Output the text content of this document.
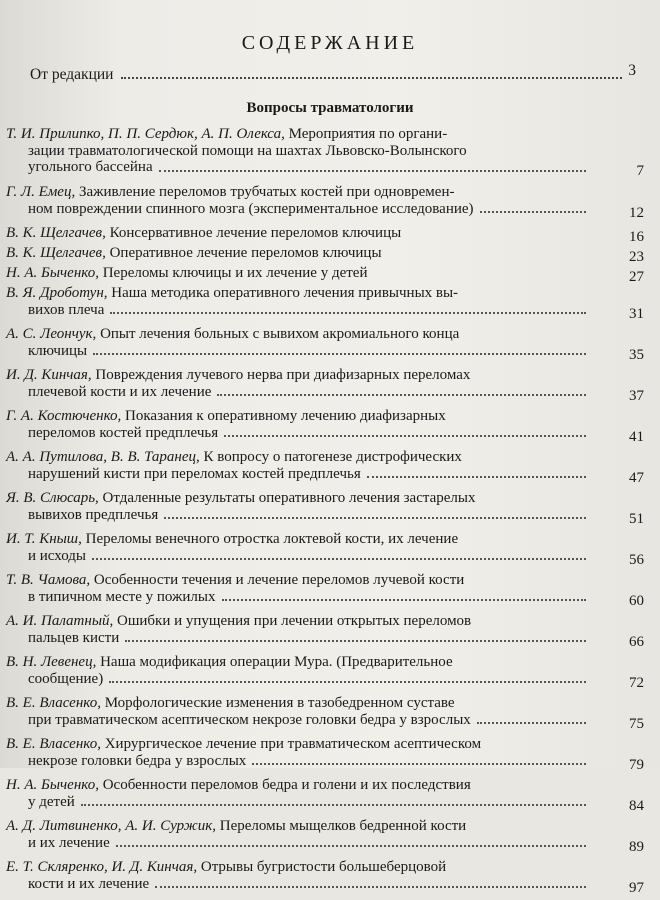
СОДЕРЖАНИЕ
От редакции	3
Вопросы травматологии
Т. И. Прилипко, П. П. Сердюк, А. П. Олекса, Мероприятия по органи-
зации травматологической помощи на шахтах Львовско-Волынского
угольного бассейна	7
Г. Л. Емец, Заживление переломов трубчатых костей при одновремен-
ном повреждении спинного мозга (экспериментальное исследование)	12
В. К. Щелгачев, Консервативное лечение переломов ключицы	16
В. К. Щелгачев, Оперативное лечение переломов ключицы	23
Н. А. Быченко, Переломы ключицы и их лечение у детей	27
В. Я. Дроботун, Наша методика оперативного лечения привычных вы-
вихов плеча	31
А. С. Леончук, Опыт лечения больных с вывихом акромиального конца
ключицы	35
И. Д. Кинчая, Повреждения лучевого нерва при диафизарных переломах
плечевой кости и их лечение	37
Г. А. Костюченко, Показания к оперативному лечению диафизарных
переломов костей предплечья	41
А. А. Путилова, В. В. Таранец, К вопросу о патогенезе дистрофических
нарушений кисти при переломах костей предплечья	47
Я. В. Слюсарь, Отдаленные результаты оперативного лечения застарелых
вывихов предплечья	51
И. Т. Кныш, Переломы венечного отростка локтевой кости, их лечение
и исходы	56
Т. В. Чамова, Особенности течения и лечение переломов лучевой кости
в типичном месте у пожилых	60
А. И. Палатный, Ошибки и упущения при лечении открытых переломов
пальцев кисти	66
В. Н. Левенец, Наша модификация операции Мура. (Предварительное
сообщение)	72
В. Е. Власенко, Морфологические изменения в тазобедренном суставе
при травматическом асептическом некрозе головки бедра у взрослых	75
В. Е. Власенко, Хирургическое лечение при травматическом асептическом
некрозе головки бедра у взрослых	79
Н. А. Быченко, Особенности переломов бедра и голени и их последствия
у детей	84
А. Д. Литвиненко, А. И. Суржик, Переломы мыщелков бедренной кости
и их лечение	89
Е. Т. Скляренко, И. Д. Кинчая, Отрывы бугристости большеберцовой
кости и их лечение	97
